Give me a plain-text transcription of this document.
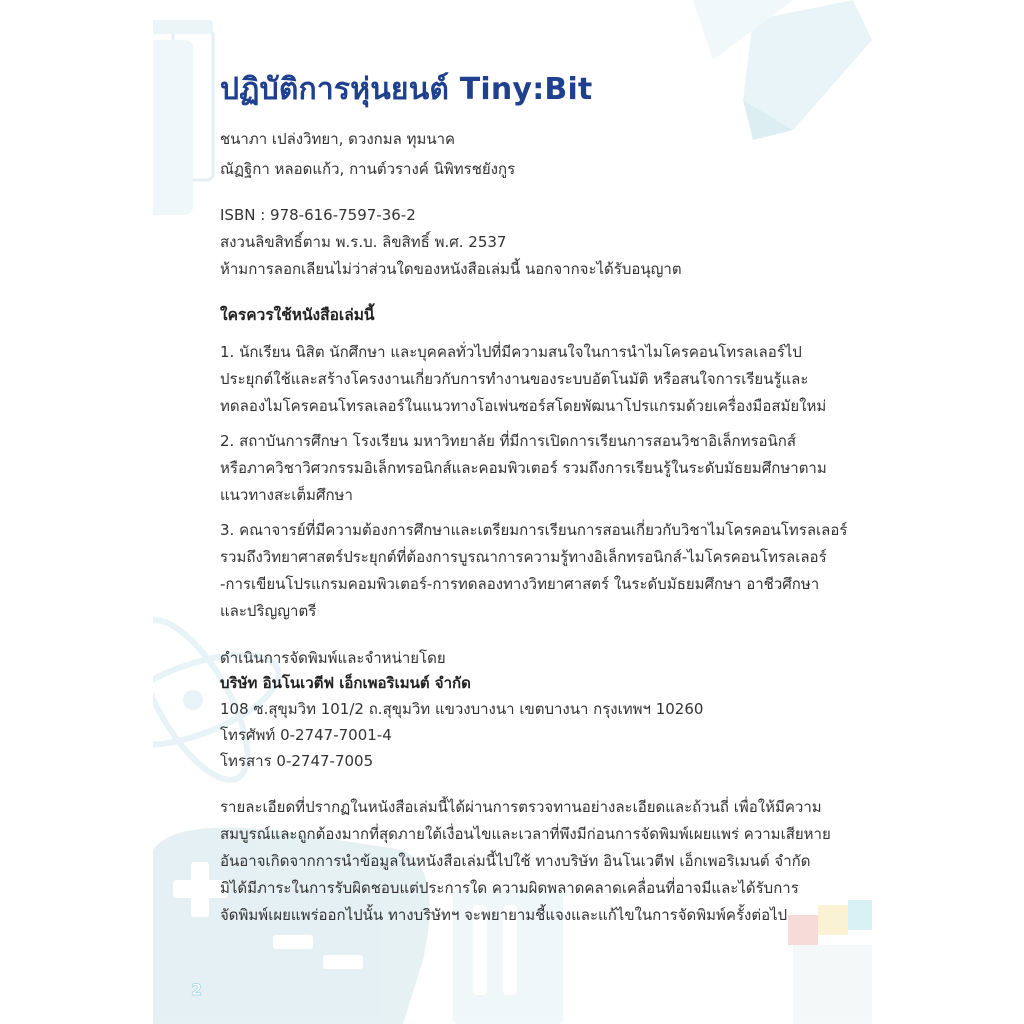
ปฏิบัติการหุ่นยนต์ Tiny:Bit
ชนาภา เปล่งวิทยา, ดวงกมล ทุมนาค
ณัฏฐิกา หลอดแก้ว, กานต์วรางค์ นิพิทรชยังกูร
ISBN : 978-616-7597-36-2
สงวนลิขสิทธิ์ตาม พ.ร.บ. ลิขสิทธิ์ พ.ศ. 2537
ห้ามการลอกเลียนไม่ว่าส่วนใดของหนังสือเล่มนี้ นอกจากจะได้รับอนุญาต
ใครควรใช้หนังสือเล่มนี้
1. นักเรียน นิสิต นักศึกษา และบุคคลทั่วไปที่มีความสนใจในการนำไมโครคอนโทรลเลอร์ไป
ประยุกต์ใช้และสร้างโครงงานเกี่ยวกับการทำงานของระบบอัตโนมัติ หรือสนใจการเรียนรู้และ
ทดลองไมโครคอนโทรลเลอร์ในแนวทางโอเพ่นซอร์สโดยพัฒนาโปรแกรมด้วยเครื่องมือสมัยใหม่
2. สถาบันการศึกษา โรงเรียน มหาวิทยาลัย ที่มีการเปิดการเรียนการสอนวิชาอิเล็กทรอนิกส์
หรือภาควิชาวิศวกรรมอิเล็กทรอนิกส์และคอมพิวเตอร์ รวมถึงการเรียนรู้ในระดับมัธยมศึกษาตาม
แนวทางสะเต็มศึกษา
3. คณาจารย์ที่มีความต้องการศึกษาและเตรียมการเรียนการสอนเกี่ยวกับวิชาไมโครคอนโทรลเลอร์
รวมถึงวิทยาศาสตร์ประยุกต์ที่ต้องการบูรณาการความรู้ทางอิเล็กทรอนิกส์-ไมโครคอนโทรลเลอร์
-การเขียนโปรแกรมคอมพิวเตอร์-การทดลองทางวิทยาศาสตร์ ในระดับมัธยมศึกษา อาชีวศึกษา
และปริญญาตรี
ดำเนินการจัดพิมพ์และจำหน่ายโดย
บริษัท อินโนเวตีฟ เอ็กเพอริเมนต์ จำกัด
108 ซ.สุขุมวิท 101/2 ถ.สุขุมวิท แขวงบางนา เขตบางนา กรุงเทพฯ 10260
โทรศัพท์ 0-2747-7001-4
โทรสาร 0-2747-7005
รายละเอียดที่ปรากฏในหนังสือเล่มนี้ได้ผ่านการตรวจทานอย่างละเอียดและถ้วนถี่ เพื่อให้มีความ
สมบูรณ์และถูกต้องมากที่สุดภายใต้เงื่อนไขและเวลาที่พึงมีก่อนการจัดพิมพ์เผยแพร่ ความเสียหาย
อันอาจเกิดจากการนำข้อมูลในหนังสือเล่มนี้ไปใช้ ทางบริษัท อินโนเวตีฟ เอ็กเพอริเมนต์ จำกัด
มิได้มีภาระในการรับผิดชอบแต่ประการใด ความผิดพลาดคลาดเคลื่อนที่อาจมีและได้รับการ
จัดพิมพ์เผยแพร่ออกไปนั้น ทางบริษัทฯ จะพยายามชี้แจงและแก้ไขในการจัดพิมพ์ครั้งต่อไป
2
